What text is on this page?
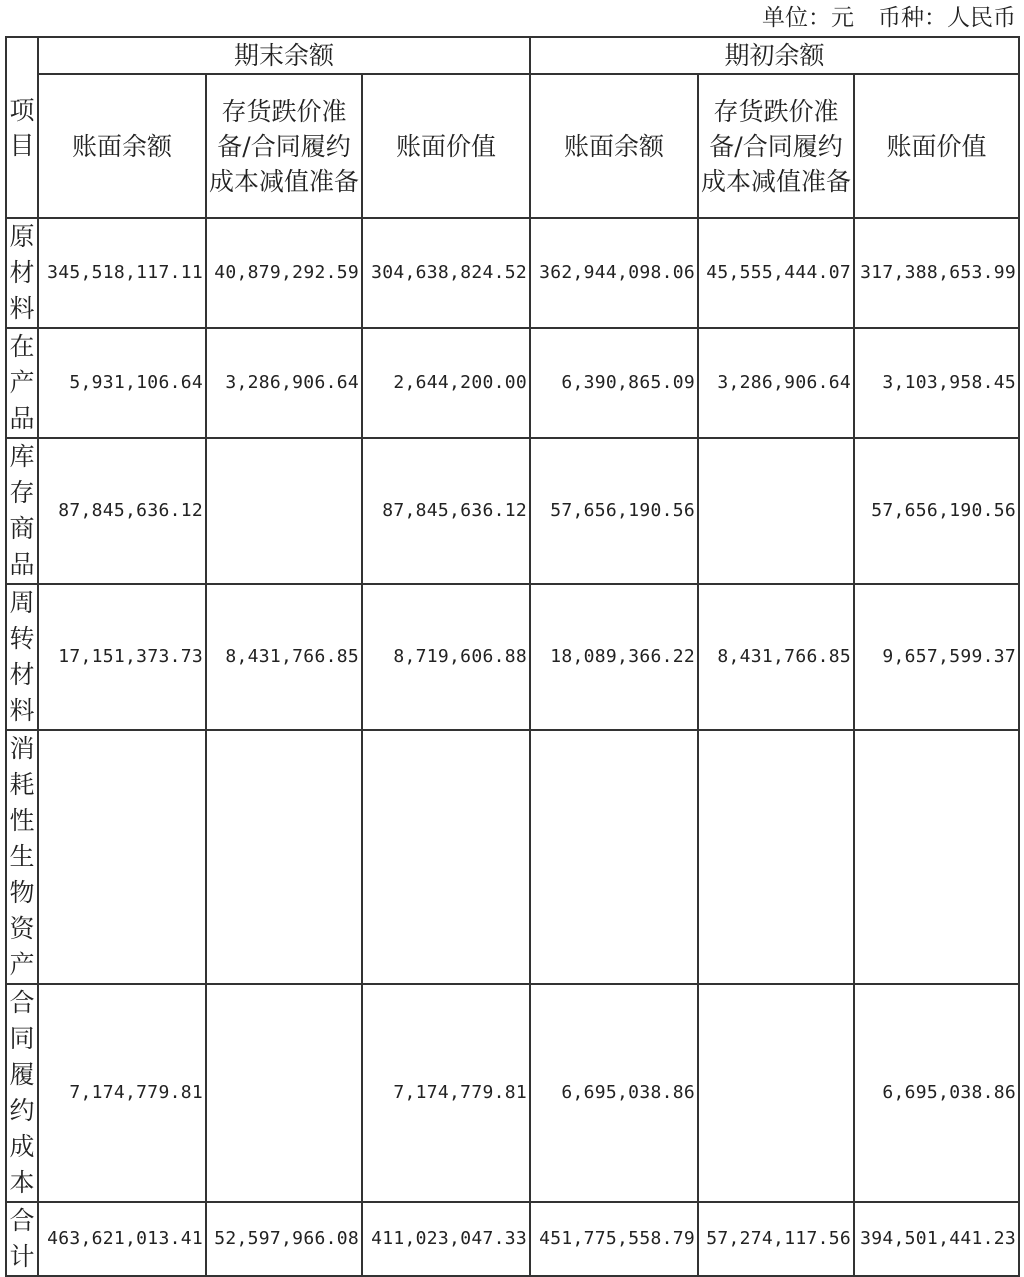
单位：元 币种：人民币
项目	期末余额			期初余额		
	账面余额	存货跌价准备/合同履约成本减值准备	账面价值	账面余额	存货跌价准备/合同履约成本减值准备	账面价值
原材料	345,518,117.11	40,879,292.59	304,638,824.52	362,944,098.06	45,555,444.07	317,388,653.99
在产品	5,931,106.64	3,286,906.64	2,644,200.00	6,390,865.09	3,286,906.64	3,103,958.45
库存商品	87,845,636.12		87,845,636.12	57,656,190.56		57,656,190.56
周转材料	17,151,373.73	8,431,766.85	8,719,606.88	18,089,366.22	8,431,766.85	9,657,599.37
消耗性生物资产						
合同履约成本	7,174,779.81		7,174,779.81	6,695,038.86		6,695,038.86
合计	463,621,013.41	52,597,966.08	411,023,047.33	451,775,558.79	57,274,117.56	394,501,441.23
